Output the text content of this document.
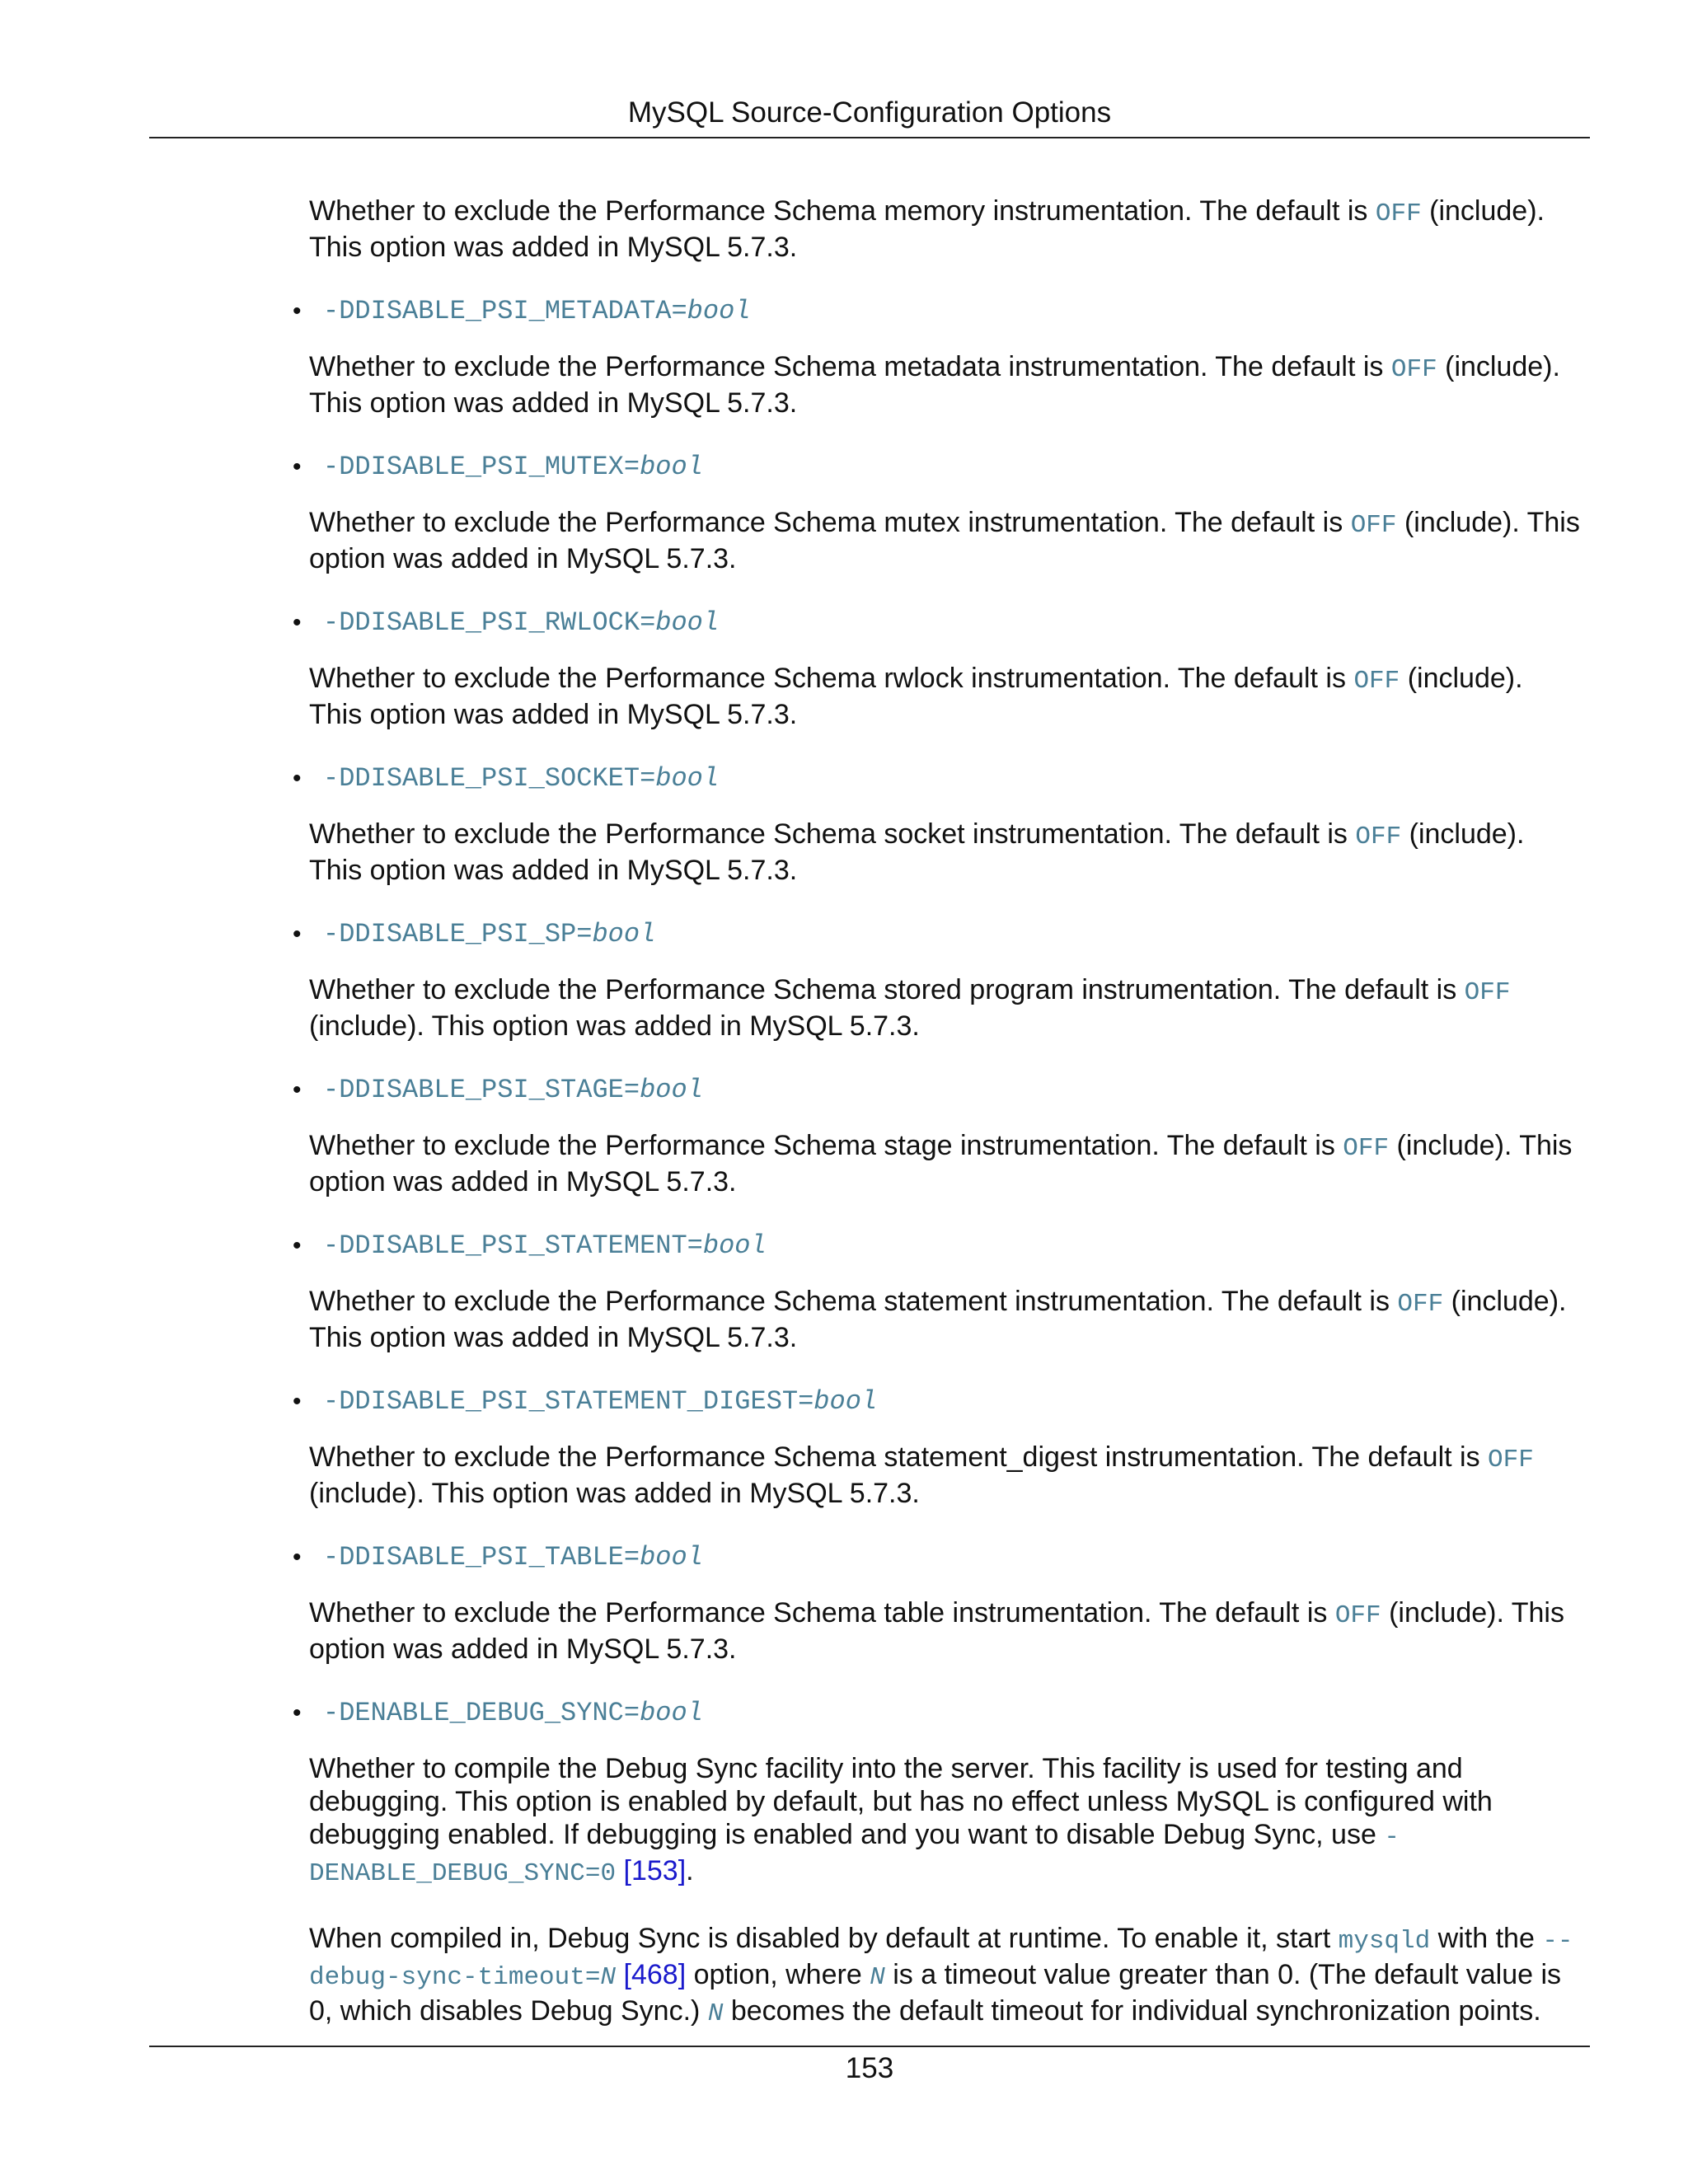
MySQL Source-Configuration Options

Whether to exclude the Performance Schema memory instrumentation. The default is OFF (include). This option was added in MySQL 5.7.3.

• -DDISABLE_PSI_METADATA=bool

Whether to exclude the Performance Schema metadata instrumentation. The default is OFF (include). This option was added in MySQL 5.7.3.

• -DDISABLE_PSI_MUTEX=bool

Whether to exclude the Performance Schema mutex instrumentation. The default is OFF (include). This option was added in MySQL 5.7.3.

• -DDISABLE_PSI_RWLOCK=bool

Whether to exclude the Performance Schema rwlock instrumentation. The default is OFF (include). This option was added in MySQL 5.7.3.

• -DDISABLE_PSI_SOCKET=bool

Whether to exclude the Performance Schema socket instrumentation. The default is OFF (include). This option was added in MySQL 5.7.3.

• -DDISABLE_PSI_SP=bool

Whether to exclude the Performance Schema stored program instrumentation. The default is OFF (include). This option was added in MySQL 5.7.3.

• -DDISABLE_PSI_STAGE=bool

Whether to exclude the Performance Schema stage instrumentation. The default is OFF (include). This option was added in MySQL 5.7.3.

• -DDISABLE_PSI_STATEMENT=bool

Whether to exclude the Performance Schema statement instrumentation. The default is OFF (include). This option was added in MySQL 5.7.3.

• -DDISABLE_PSI_STATEMENT_DIGEST=bool

Whether to exclude the Performance Schema statement_digest instrumentation. The default is OFF (include). This option was added in MySQL 5.7.3.

• -DDISABLE_PSI_TABLE=bool

Whether to exclude the Performance Schema table instrumentation. The default is OFF (include). This option was added in MySQL 5.7.3.

• -DENABLE_DEBUG_SYNC=bool

Whether to compile the Debug Sync facility into the server. This facility is used for testing and debugging. This option is enabled by default, but has no effect unless MySQL is configured with debugging enabled. If debugging is enabled and you want to disable Debug Sync, use -DENABLE_DEBUG_SYNC=0 [153].

When compiled in, Debug Sync is disabled by default at runtime. To enable it, start mysqld with the --debug-sync-timeout=N [468] option, where N is a timeout value greater than 0. (The default value is 0, which disables Debug Sync.) N becomes the default timeout for individual synchronization points.

153
